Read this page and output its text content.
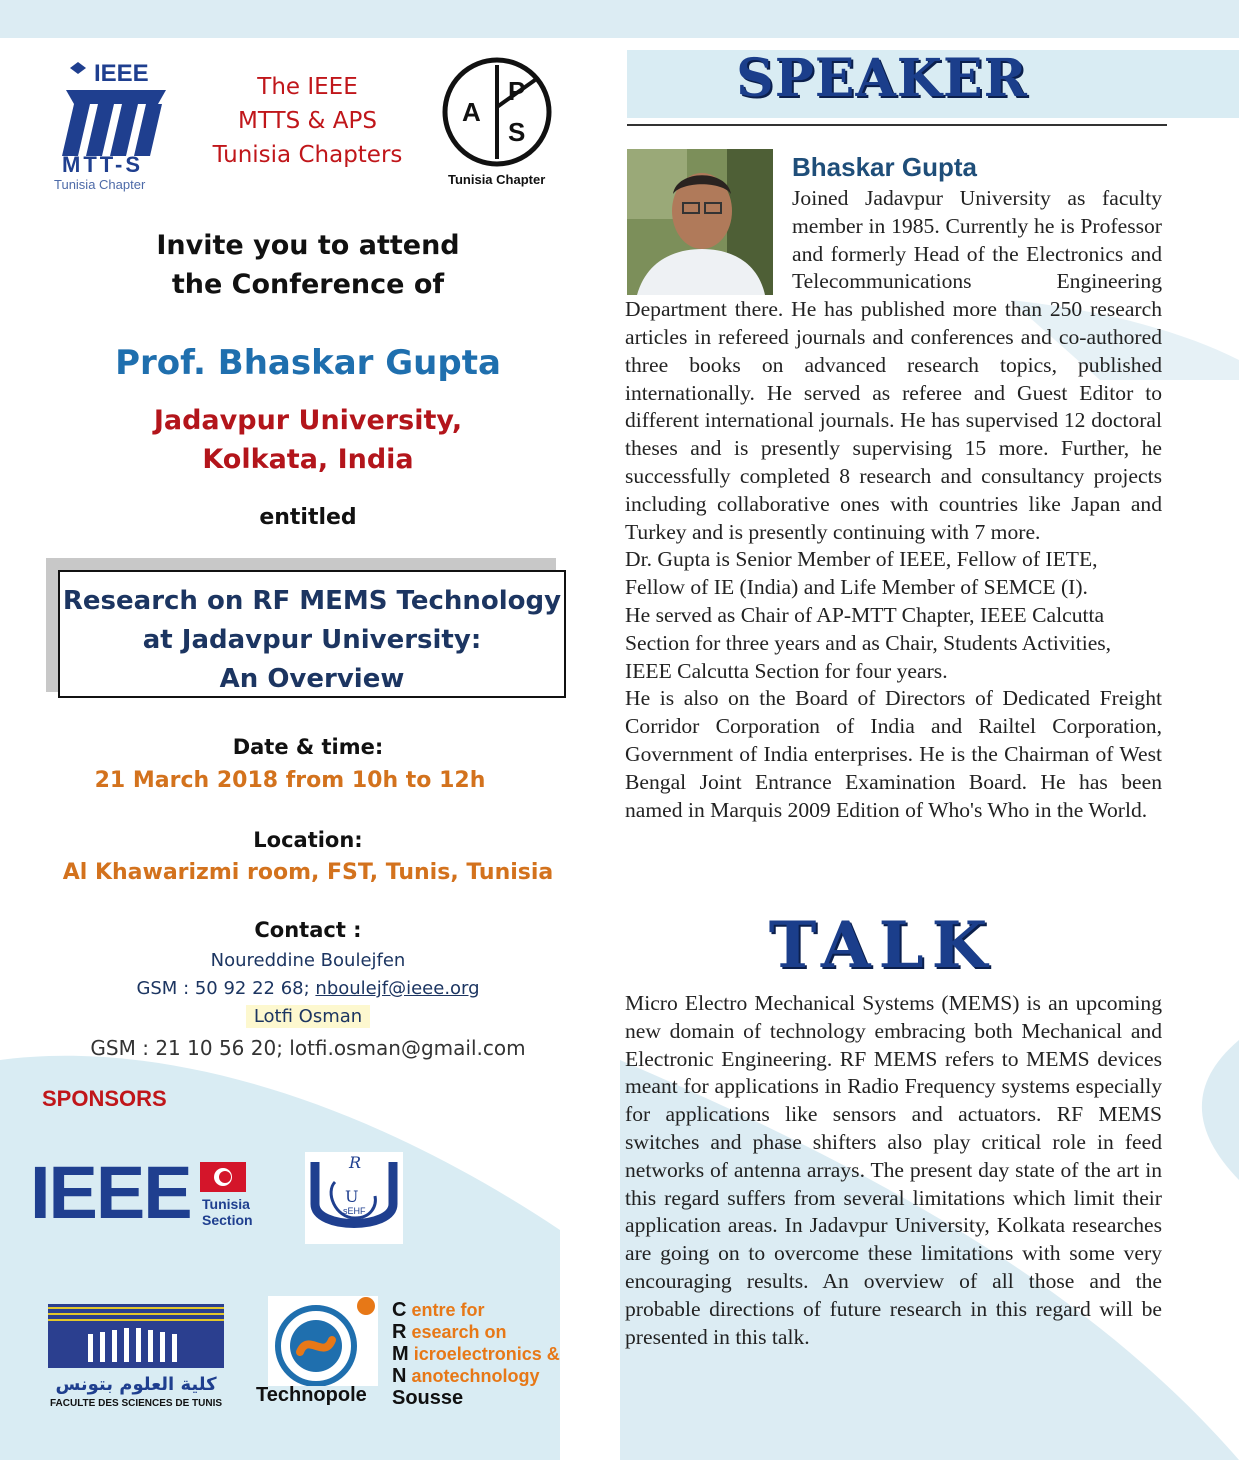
IEEE
MTT-S
Tunisia Chapter
The IEEE
MTTS & APS
Tunisia Chapters
A
P
S
Tunisia Chapter
Invite you to attend
the Conference of
Prof. Bhaskar Gupta
Jadavpur University,
Kolkata, India
entitled
Research on RF MEMS Technology
at Jadavpur University:
An Overview
Date & time:
21 March 2018 from 10h to 12h
Location:
Al Khawarizmi room, FST, Tunis, Tunisia
Contact :
Noureddine Boulejfen
GSM : 50 92 22 68; nboulejf@ieee.org
Lotfi Osman
GSM : 21 10 56 20; lotfi.osman@gmail.com
SPONSORS
IEEE Tunisia
Section
R
U
sEHF
كلية العلوم بتونس
FACULTE DES SCIENCES DE TUNIS Technopole
C entre for
R esearch on
M icroelectronics &
N anotechnology
Sousse
SPEAKER
Bhaskar Gupta

Joined Jadavpur University as faculty member in 1985. Currently he is Professor and formerly Head of the Electronics and Telecommunications Engineering Department there. He has published more than 250 research articles in refereed journals and conferences and co-authored three books on advanced research topics, published internationally. He served as referee and Guest Editor to different international journals. He has supervised 12 doctoral theses and is presently supervising 15 more. Further, he successfully completed 8 research and consultancy projects including collaborative ones with countries like Japan and Turkey and is presently continuing with 7 more.

Dr. Gupta is Senior Member of IEEE, Fellow of IETE, Fellow of IE (India) and Life Member of SEMCE (I).

He served as Chair of AP-MTT Chapter, IEEE Calcutta Section for three years and as Chair, Students Activities, IEEE Calcutta Section for four years.

He is also on the Board of Directors of Dedicated Freight Corridor Corporation of India and Railtel Corporation, Government of India enterprises. He is the Chairman of West Bengal Joint Entrance Examination Board. He has been named in Marquis 2009 Edition of Who's Who in the World.

TALK
Micro Electro Mechanical Systems (MEMS) is an upcoming new domain of technology embracing both Mechanical and Electronic Engineering. RF MEMS refers to MEMS devices meant for applications in Radio Frequency systems especially for applications like sensors and actuators. RF MEMS switches and phase shifters also play critical role in feed networks of antenna arrays. The present day state of the art in this regard suffers from several limitations which limit their application areas. In Jadavpur University, Kolkata researches are going on to overcome these limitations with some very encouraging results. An overview of all those and the probable directions of future research in this regard will be presented in this talk.
